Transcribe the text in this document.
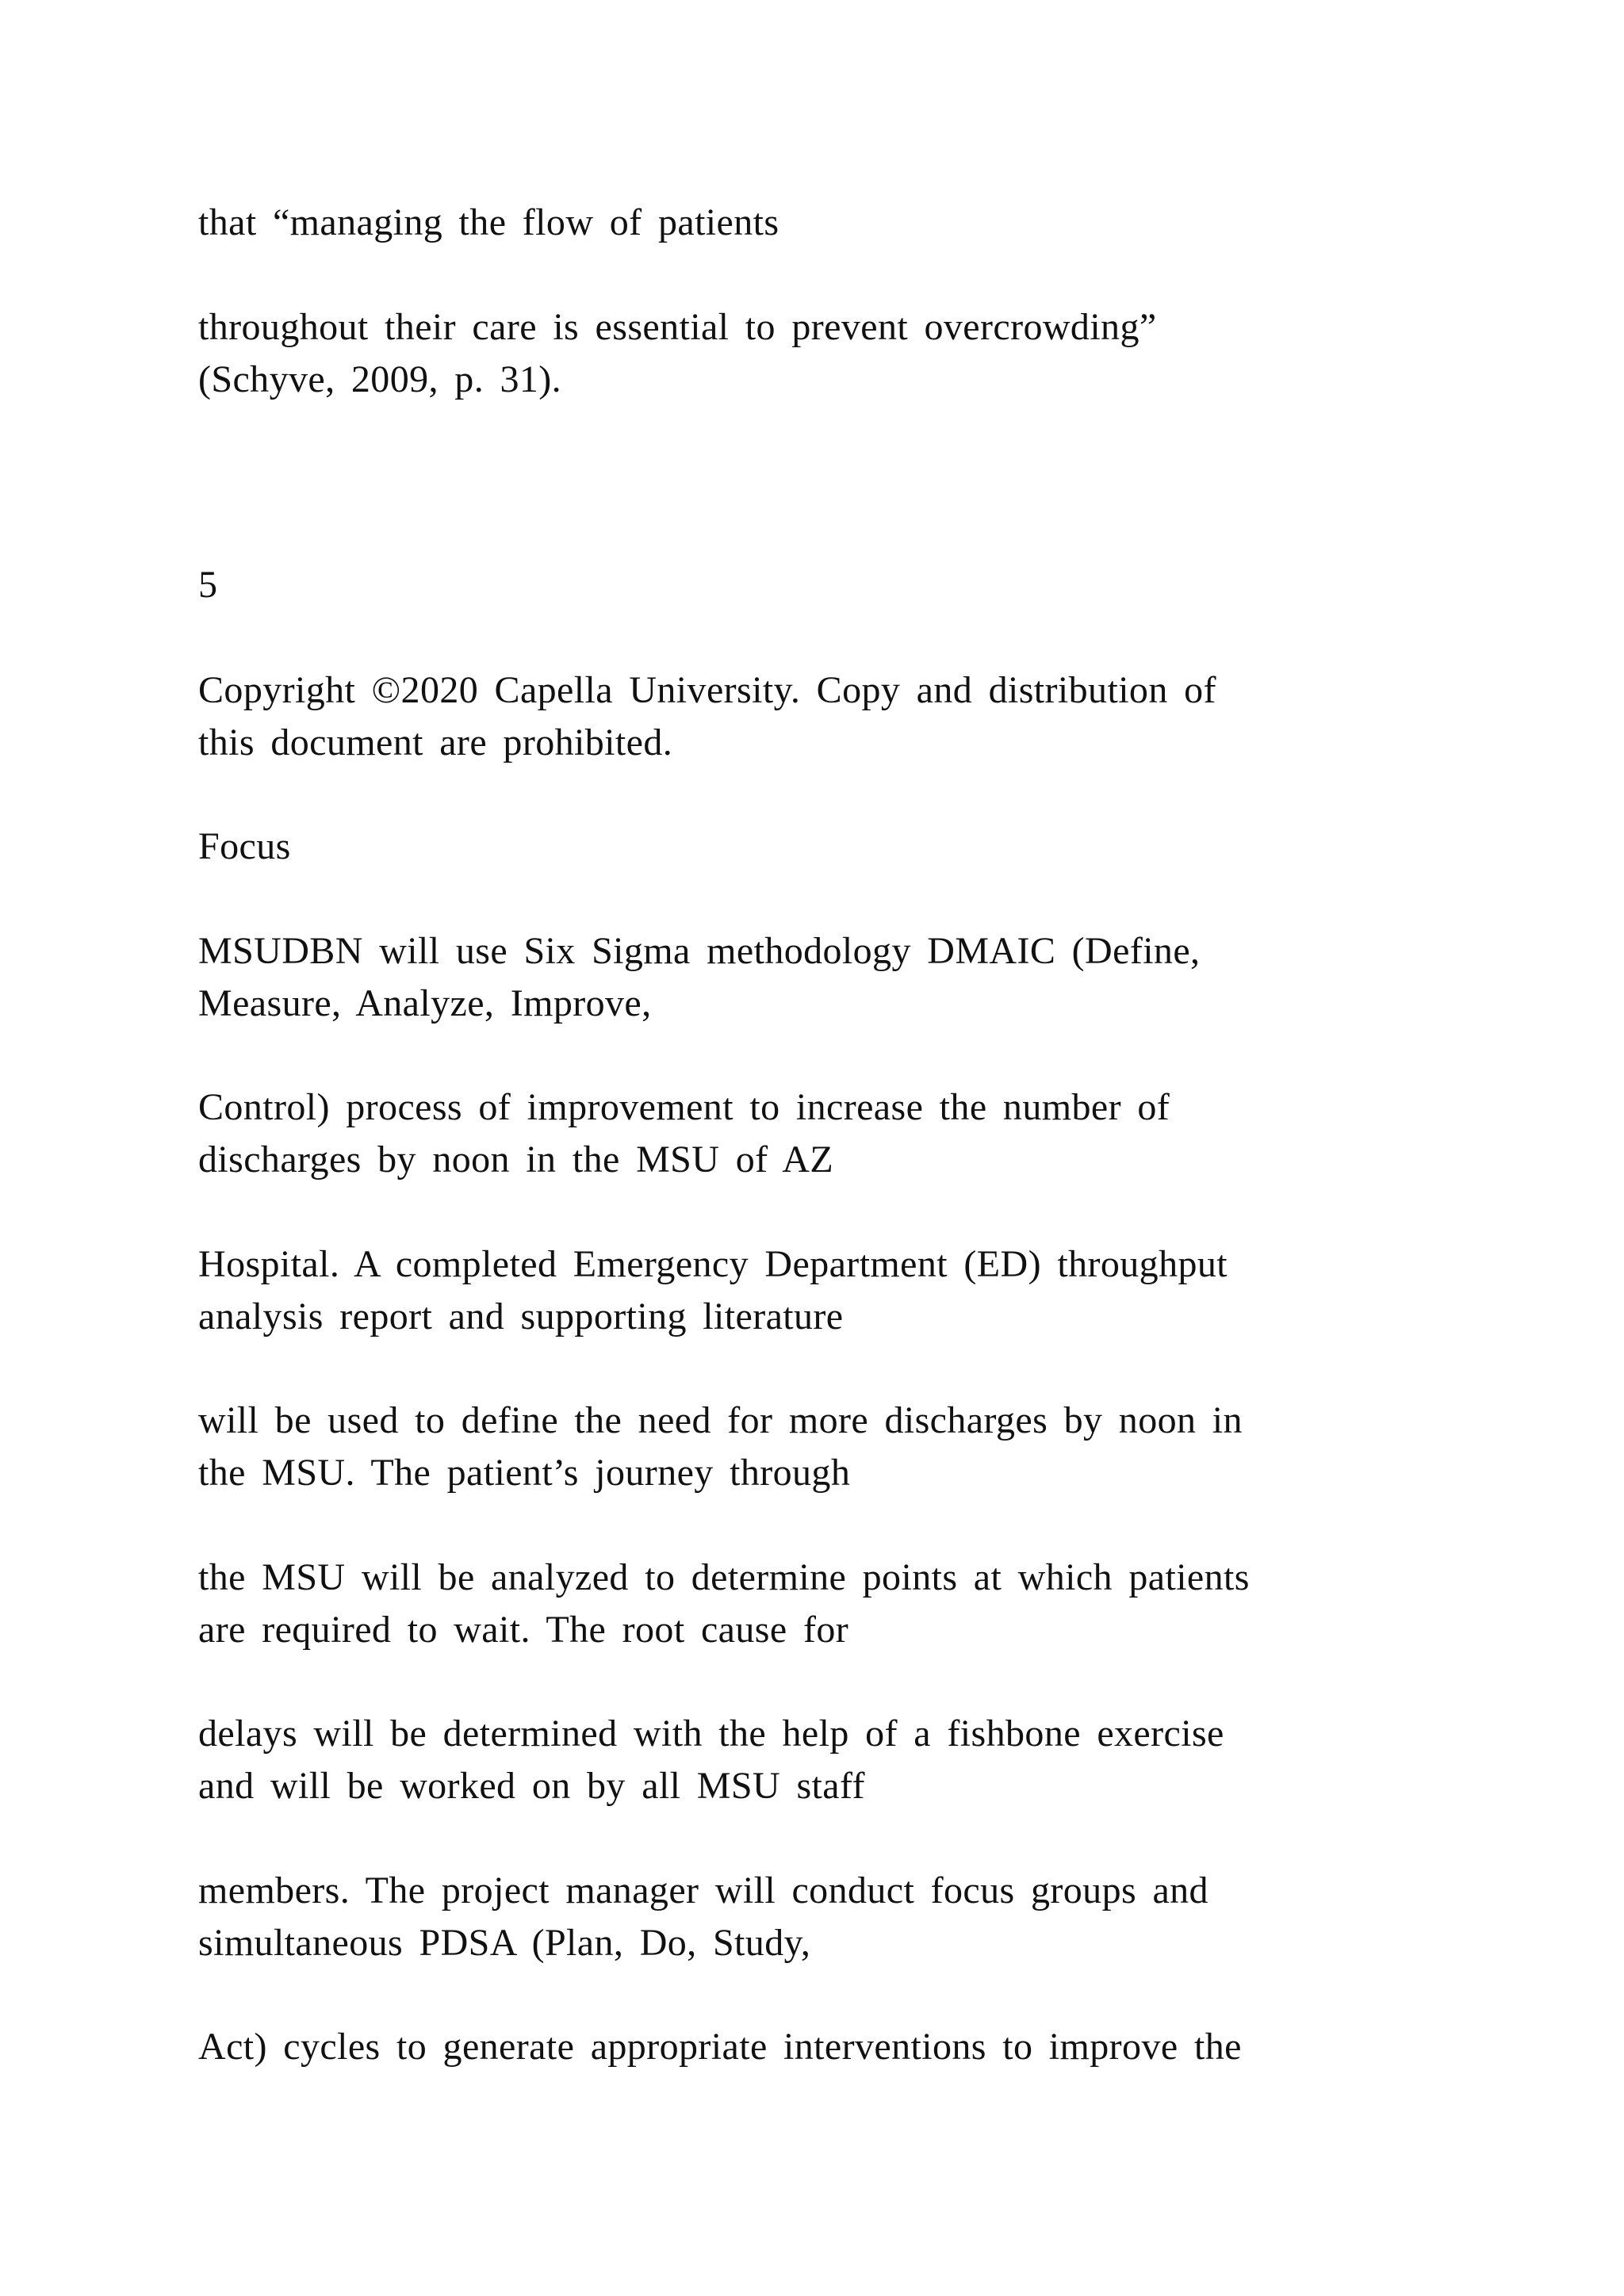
that “managing the flow of patients

throughout their care is essential to prevent overcrowding”
(Schyve, 2009, p. 31).

5

Copyright ©2020 Capella University. Copy and distribution of
this document are prohibited.

Focus

MSUDBN will use Six Sigma methodology DMAIC (Define,
Measure, Analyze, Improve,

Control) process of improvement to increase the number of
discharges by noon in the MSU of AZ

Hospital. A completed Emergency Department (ED) throughput
analysis report and supporting literature

will be used to define the need for more discharges by noon in
the MSU. The patient’s journey through

the MSU will be analyzed to determine points at which patients
are required to wait. The root cause for

delays will be determined with the help of a fishbone exercise
and will be worked on by all MSU staff

members. The project manager will conduct focus groups and
simultaneous PDSA (Plan, Do, Study,

Act) cycles to generate appropriate interventions to improve the
